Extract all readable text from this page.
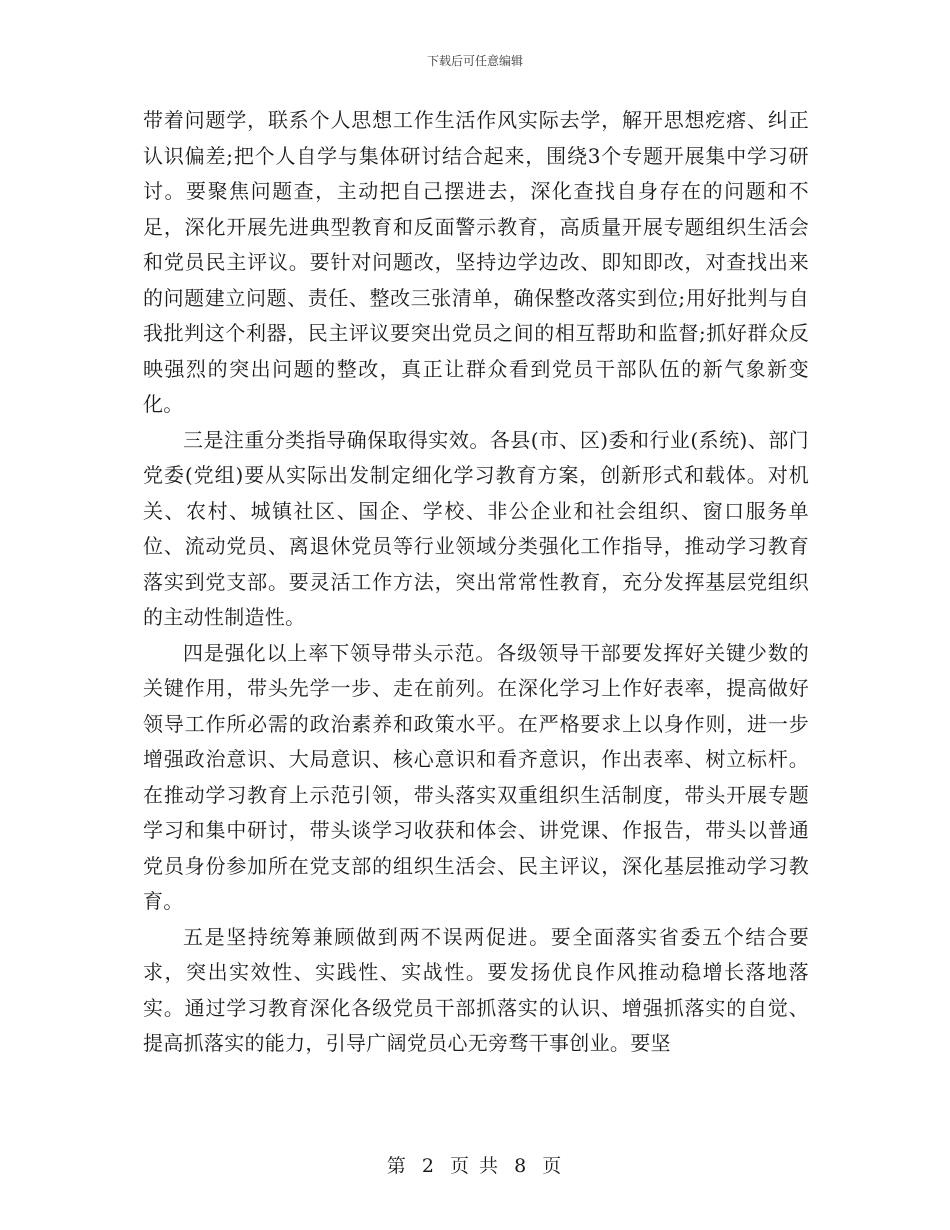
下载后可任意编辑

带着问题学，联系个人思想工作生活作风实际去学，解开思想疙瘩、纠正认识偏差;把个人自学与集体研讨结合起来，围绕3个专题开展集中学习研讨。要聚焦问题查，主动把自己摆进去，深化查找自身存在的问题和不足，深化开展先进典型教育和反面警示教育，高质量开展专题组织生活会和党员民主评议。要针对问题改，坚持边学边改、即知即改，对查找出来的问题建立问题、责任、整改三张清单，确保整改落实到位;用好批判与自我批判这个利器，民主评议要突出党员之间的相互帮助和监督;抓好群众反映强烈的突出问题的整改，真正让群众看到党员干部队伍的新气象新变化。

三是注重分类指导确保取得实效。各县(市、区)委和行业(系统)、部门党委(党组)要从实际出发制定细化学习教育方案，创新形式和载体。对机关、农村、城镇社区、国企、学校、非公企业和社会组织、窗口服务单位、流动党员、离退休党员等行业领域分类强化工作指导，推动学习教育落实到党支部。要灵活工作方法，突出常常性教育，充分发挥基层党组织的主动性制造性。

四是强化以上率下领导带头示范。各级领导干部要发挥好关键少数的关键作用，带头先学一步、走在前列。在深化学习上作好表率，提高做好领导工作所必需的政治素养和政策水平。在严格要求上以身作则，进一步增强政治意识、大局意识、核心意识和看齐意识，作出表率、树立标杆。在推动学习教育上示范引领，带头落实双重组织生活制度，带头开展专题学习和集中研讨，带头谈学习收获和体会、讲党课、作报告，带头以普通党员身份参加所在党支部的组织生活会、民主评议，深化基层推动学习教育。

五是坚持统筹兼顾做到两不误两促进。要全面落实省委五个结合要求，突出实效性、实践性、实战性。要发扬优良作风推动稳增长落地落实。通过学习教育深化各级党员干部抓落实的认识、增强抓落实的自觉、提高抓落实的能力，引导广阔党员心无旁骛干事创业。要坚

第 2 页 共 8 页
